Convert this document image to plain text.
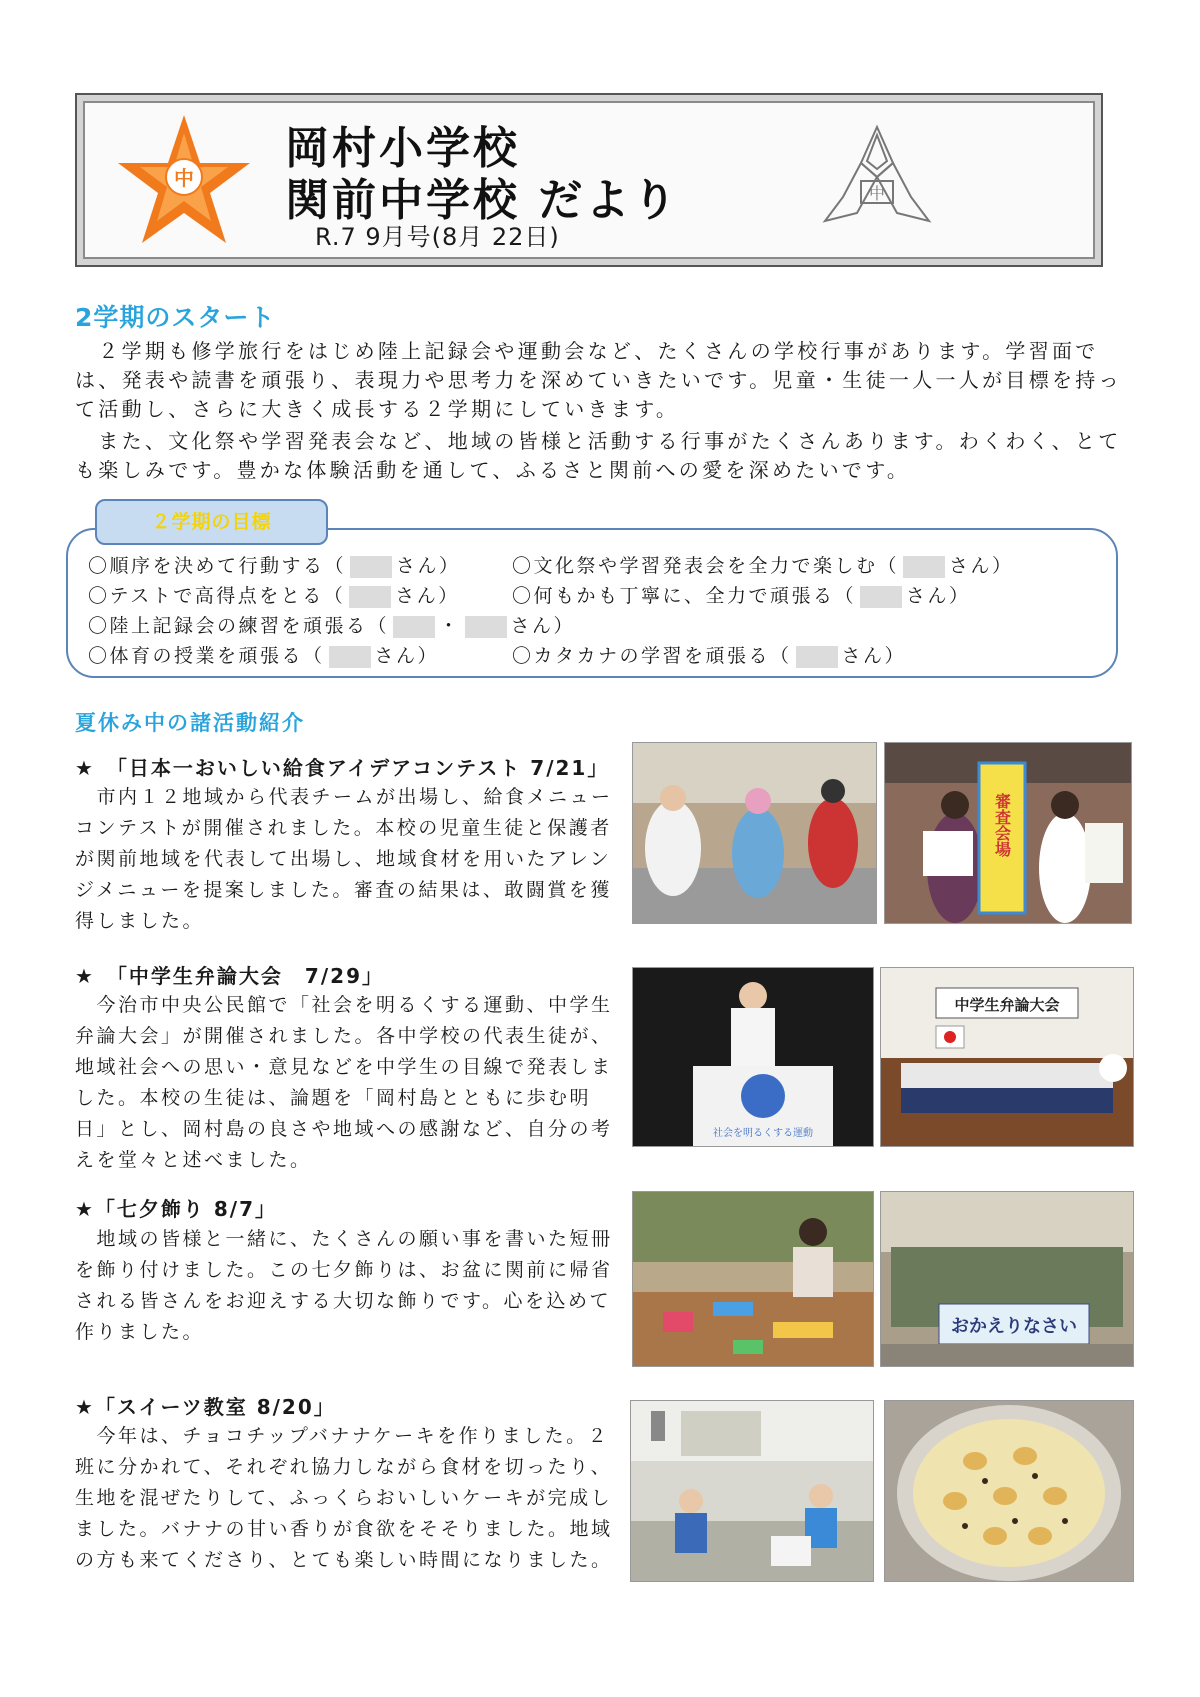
中
岡村小学校
関前中学校 だより
R.7 9月号(8月 22日)
中
2学期のスタート

　２学期も修学旅行をはじめ陸上記録会や運動会など、たくさんの学校行事があります。学習面では、発表や読書を頑張り、表現力や思考力を深めていきたいです。児童・生徒一人一人が目標を持って活動し、さらに大きく成長する２学期にしていきます。

　また、文化祭や学習発表会など、地域の皆様と活動する行事がたくさんあります。わくわく、とても楽しみです。豊かな体験活動を通して、ふるさと関前への愛を深めたいです。

２学期の目標
〇順序を決めて行動する（	さん）	〇文化祭や学習発表会を全力で楽しむ（	さん）
〇テストで高得点をとる（	さん）	〇何もかも丁寧に、全力で頑張る（	さん）
〇陸上記録会の練習を頑張る（	・	さん）
〇体育の授業を頑張る（	さん）	〇カタカナの学習を頑張る（	さん）
夏休み中の諸活動紹介
★　「日本一おいしい給食アイデアコンテスト 7/21」

　市内１２地域から代表チームが出場し、給食メニューコンテストが開催されました。本校の児童生徒と保護者が関前地域を代表して出場し、地域食材を用いたアレンジメニューを提案しました。審査の結果は、敢闘賞を獲得しました。

審査会場
★　「中学生弁論大会　7/29」

　今治市中央公民館で「社会を明るくする運動、中学生弁論大会」が開催されました。各中学校の代表生徒が、地域社会への思い・意見などを中学生の目線で発表しました。本校の生徒は、論題を「岡村島とともに歩む明日」とし、岡村島の良さや地域への感謝など、自分の考えを堂々と述べました。

社会を明るくする運動
中学生弁論大会
★「七夕飾り 8/7」

　地域の皆様と一緒に、たくさんの願い事を書いた短冊を飾り付けました。この七夕飾りは、お盆に関前に帰省される皆さんをお迎えする大切な飾りです。心を込めて作りました。	おかえりなさい
★「スイーツ教室 8/20」

　今年は、チョコチップバナナケーキを作りました。２班に分かれて、それぞれ協力しながら食材を切ったり、生地を混ぜたりして、ふっくらおいしいケーキが完成しました。バナナの甘い香りが食欲をそそりました。地域の方も来てくださり、とても楽しい時間になりました。
